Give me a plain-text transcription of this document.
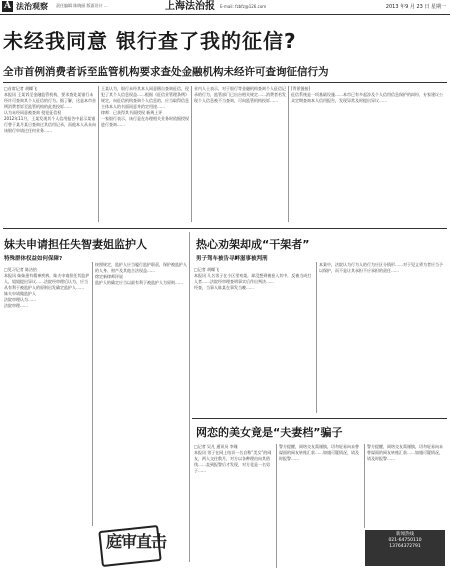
A 法治观察 责任编辑 陈晓丽 版面设计 ...	上海法治报 E-mail: fzbfz@126.com	2013 年9 月 23 日 星期一
未经我同意 银行查了我的征信?
全市首例消费者诉至监管机构要求查处金融机构未经许可查询征信行为
□首席记者 胡蝶飞
本报讯 王某诉至金融监管机构，要求查处某银行未经许可查询其个人征信的行为。据了解，这是本市首例消费者诉至监管机构的此类投诉……
认为未经同意被查询 侵犯征信权
2012年11月，王某发现其个人信用报告中显示某银行曾于某月某日查询过其信用记录，而他本人从未向该银行申请过任何业务……
王某认为，银行未经其本人同意擅自查询征信，侵犯了其个人信息权益……根据《征信业管理条例》规定，向征信机构查询个人信息的，应当取得信息主体本人的书面同意并约定用途……
律师：已获得其书面授权 新规上评
一家银行表示，该行是在办理相关业务时依据授权进行查询……
业内人士表示，对于银行等金融机构查询个人征信记录的行为，监管部门已出台相关规定……消费者若发现个人信息被不当查询，可向监管机构投诉……
[背景链接]
征信系统是一项基础设施……本市已有多起涉及个人信用信息保护的纠纷，专家建议公众定期查询本人信用报告，发现异常及时提出异议……
妹夫申请担任失智妻姐监护人
特殊群体权益如何保障?
□见习记者 陈洁怡
本报讯 妹妹患有精神疾病，妹夫申请担任其监护人，姐姐提出异议……法院经审理后认为，应当从有利于被监护人的原则出发确定监护人……
妹夫申请做监护人
法院审理认为……
法院审理……
按照规定，监护人应当履行监护职责，保护被监护人的人身、财产及其他合法权益……
徐定新律师评说
监护人的确定应当以最有利于被监护人为原则……
热心劝架却成“干架者”
男子驾车被告寻衅滋事被判刑
□记者 胡蝶飞
本报讯 几名男子在小区里劝架，却没想到被卷入其中，反被当成打人者……法院经审理查明事实后作出判决……
经查，当事人陈某在事发当晚……
本案中，法院认为行为人的行为应区分情形……对于见义勇为者应当予以保护，而不是让其承担不应承担的责任……
网恋的美女竟是“夫妻档”骗子
□记者 吴凡 通讯员 李瑾
本报讯 男子在网上结识一名自称“美女”的网友，两人交往数月，对方以各种理由向其借钱……直到报警后才发现，对方竟是一名男子……
警方提醒，网络交友需谨慎，切勿轻易向未曾谋面的网友转账汇款……如遇可疑情况，请及时报警……
警方提醒，网络交友需谨慎，切勿轻易向未曾谋面的网友转账汇款……如遇可疑情况，请及时报警……
庭审直击	新闻热线
021-64750110
13764372791
